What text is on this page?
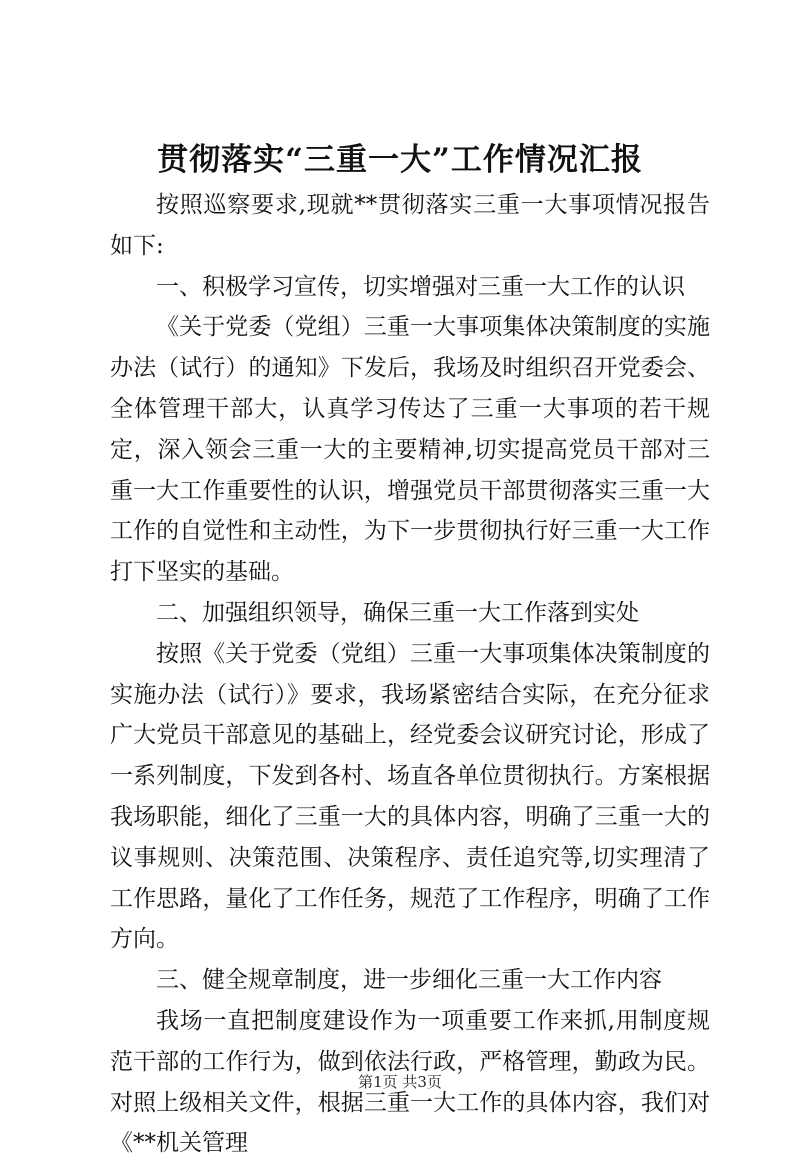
贯彻落实“三重一大”工作情况汇报

按照巡察要求,现就**贯彻落实三重一大事项情况报告如下:

一、积极学习宣传，切实增强对三重一大工作的认识

《关于党委（党组）三重一大事项集体决策制度的实施办法（试行）的通知》下发后，我场及时组织召开党委会、全体管理干部大，认真学习传达了三重一大事项的若干规定，深入领会三重一大的主要精神,切实提高党员干部对三重一大工作重要性的认识，增强党员干部贯彻落实三重一大工作的自觉性和主动性，为下一步贯彻执行好三重一大工作打下坚实的基础。

二、加强组织领导，确保三重一大工作落到实处

按照《关于党委（党组）三重一大事项集体决策制度的实施办法（试行）》要求，我场紧密结合实际，在充分征求广大党员干部意见的基础上，经党委会议研究讨论，形成了一系列制度，下发到各村、场直各单位贯彻执行。方案根据我场职能，细化了三重一大的具体内容，明确了三重一大的议事规则、决策范围、决策程序、责任追究等,切实理清了工作思路，量化了工作任务，规范了工作程序，明确了工作方向。

三、健全规章制度，进一步细化三重一大工作内容

我场一直把制度建设作为一项重要工作来抓,用制度规范干部的工作行为，做到依法行政，严格管理，勤政为民。对照上级相关文件，根据三重一大工作的具体内容，我们对《**机关管理

第1页 共3页
